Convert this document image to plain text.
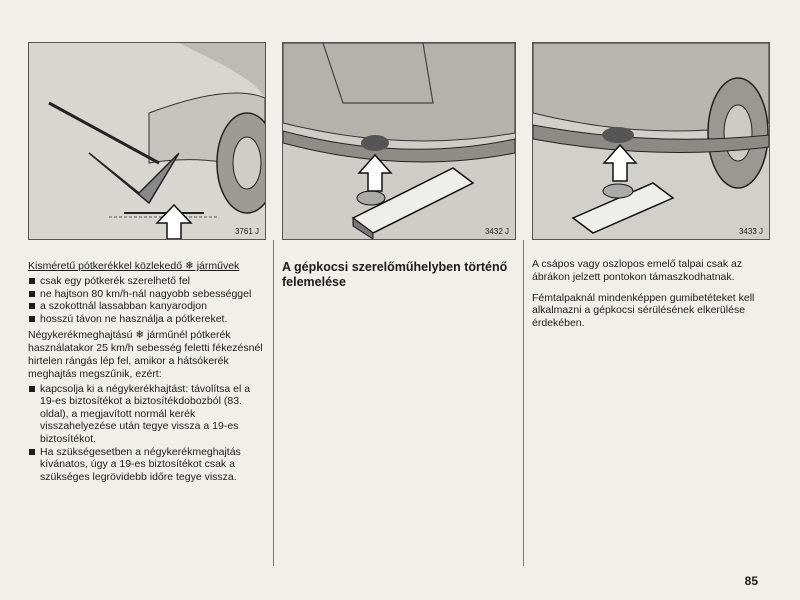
3761 J
Kisméretű pótkerékkel közlekedő ❄ járművek
csak egy pótkerék szerelhető fel
ne hajtson 80 km/h-nál nagyobb sebességgel
a szokottnál lassabban kanyarodjon
hosszú távon ne használja a pótkereket.
Négykerékmeghajtású ❄ járműnél pótkerék használatakor 25 km/h sebesség feletti fékezésnél hirtelen rángás lép fel, amikor a hátsókerék meghajtás megszűnik, ezért:
kapcsolja ki a négykerékhajtást: távolítsa el a 19-es biztosítékot a biztosítékdobozból (83. oldal), a megjavított normál kerék visszahelyezése után tegye vissza a 19-es biztosítékot.
Ha szükségesetben a négykerékmeghajtás kívánatos, úgy a 19-es biztosítékot csak a szükséges legrövidebb időre tegye vissza.
3432 J
A gépkocsi szerelőműhelyben történő felemelése
3433 J
A csápos vagy oszlopos emelő talpai csak az ábrákon jelzett pontokon támaszkodhatnak.
Fémtalpaknál mindenképpen gumibetéteket kell alkalmazni a gépkocsi sérülésének elkerülése érdekében.
85
